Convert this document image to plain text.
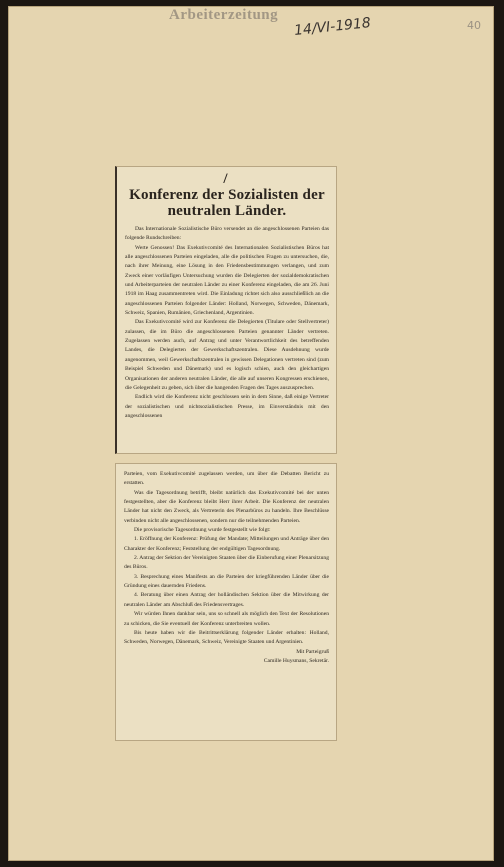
Arbeiterzeitung
14/VI-1918	40
/
Konferenz der Sozialisten der
neutralen Länder.

Das Internationale Sozialistische Büro versendet an die angeschlossenen Parteien das folgende Rundschreiben:

Werte Genossen! Das Exekutivcomité des Internationalen Sozialistischen Büros hat alle angeschlossenen Parteien eingeladen, alle die politischen Fragen zu untersuchen, die, nach ihrer Meinung, eine Lösung in den Friedensbestimmungen verlangen, und zum Zweck einer vorläufigen Untersuchung wurden die Delegierten der sozialdemokratischen und Arbeiterparteien der neutralen Länder zu einer Konferenz eingeladen, die am 26. Juni 1918 im Haag zusammentreten wird. Die Einladung richtet sich also ausschließlich an die angeschlossenen Parteien folgender Länder: Holland, Norwegen, Schweden, Dänemark, Schweiz, Spanien, Rumänien, Griechenland, Argentinien.

Das Exekutivcomité wird zur Konferenz die Delegierten (Titulare oder Stellvertreter) zulassen, die im Büro die angeschlossenen Parteien genannter Länder vertreten. Zugelassen werden auch, auf Antrag und unter Verantwortlichkeit des betreffenden Landes, die Delegierten der Gewerkschaftszentralen. Diese Ausdehnung wurde angenommen, weil Gewerkschaftszentralen in gewissen Delegationen vertreten sind (zum Beispiel Schweden und Dänemark) und es logisch schien, auch den gleichartigen Organisationen der anderen neutralen Länder, die alle auf unseren Kongressen erschienen, die Gelegenheit zu geben, sich über die hangenden Fragen des Tages auszusprechen.

Endlich wird die Konferenz nicht geschlossen sein in dem Sinne, daß einige Vertreter der sozialistischen und nichtsozialistischen Presse, im Einverständnis mit den angeschlossenen

Parteien, vom Exekutivcomité zugelassen werden, um über die Debatten Bericht zu erstatten.

Was die Tagesordnung betrifft, bleibt natürlich das Exekutivcomité bei der unten festgestellten, aber die Konferenz bleibt Herr ihrer Arbeit. Die Konferenz der neutralen Länder hat nicht den Zweck, als Vertreterin des Plenarbüros zu handeln. Ihre Beschlüsse verbinden nicht alle angeschlossenen, sondern nur die teilnehmenden Parteien.

Die provisorische Tagesordnung wurde festgestellt wie folgt:

1. Eröffnung der Konferenz: Prüfung der Mandate; Mitteilungen und Anträge über den Charakter der Konferenz; Feststellung der endgültigen Tagesordnung.

2. Antrag der Sektion der Vereinigten Staaten über die Einberufung einer Plenarsitzung des Büros.

3. Besprechung eines Manifests an die Parteien der kriegführenden Länder über die Gründung eines dauernden Friedens.

4. Beratung über einen Antrag der holländischen Sektion über die Mitwirkung der neutralen Länder am Abschluß des Friedensvertrages.

Wir würden Ihnen dankbar sein, uns so schnell als möglich den Text der Resolutionen zu schicken, die Sie eventuell der Konferenz unterbreiten wollen.

Bis heute haben wir die Beitrittserklärung folgender Länder erhalten: Holland, Schweden, Norwegen, Dänemark, Schweiz, Vereinigte Staaten und Argentinien.

Mit Parteigruß

Camille Huysmans, Sekretär.
